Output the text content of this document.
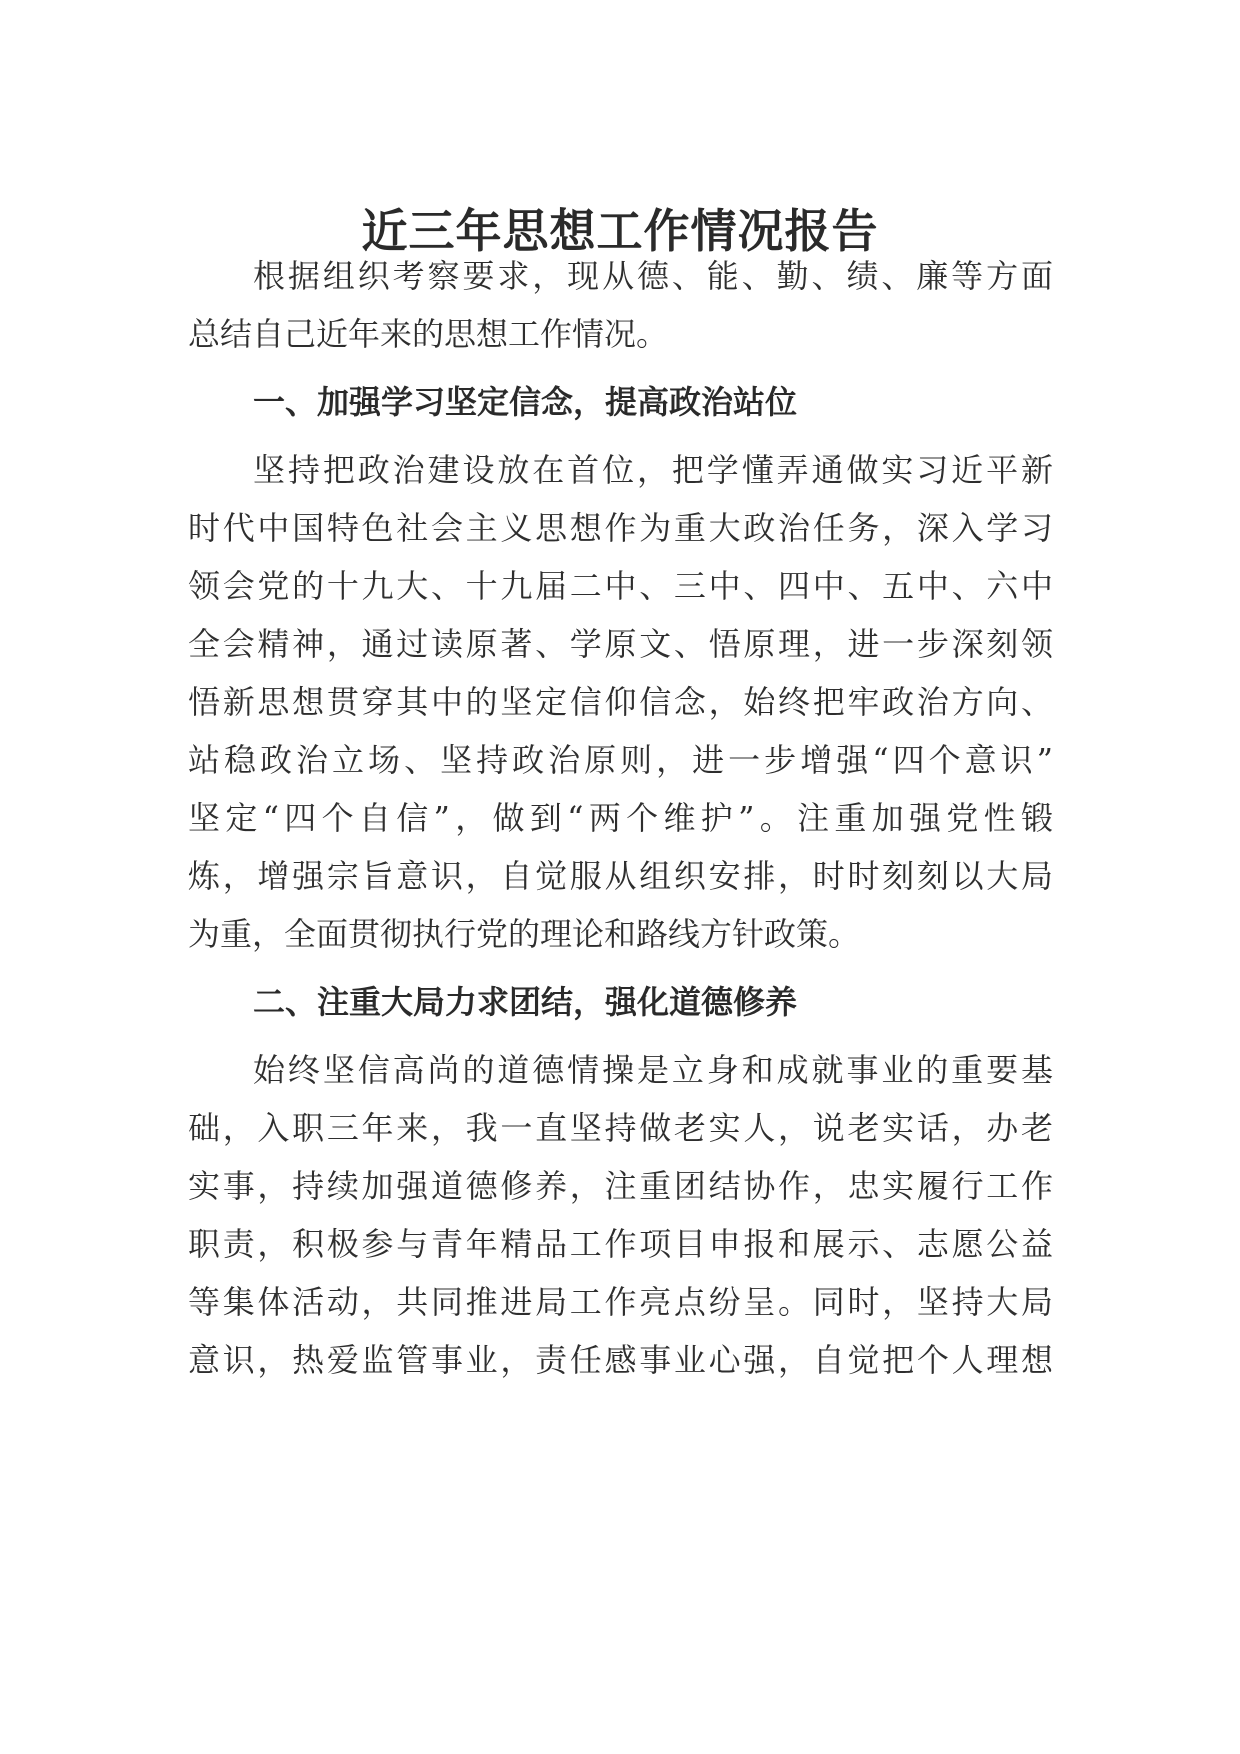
近三年思想工作情况报告
根据组织考察要求，现从德、能、勤、绩、廉等方面
总结自己近年来的思想工作情况。
一、加强学习坚定信念，提高政治站位
坚持把政治建设放在首位，把学懂弄通做实习近平新
时代中国特色社会主义思想作为重大政治任务，深入学习
领会党的十九大、十九届二中、三中、四中、五中、六中
全会精神，通过读原著、学原文、悟原理，进一步深刻领
悟新思想贯穿其中的坚定信仰信念，始终把牢政治方向、
站稳政治立场、坚持政治原则，进一步增强“四个意识”
坚定“四个自信”，做到“两个维护”。注重加强党性锻
炼，增强宗旨意识，自觉服从组织安排，时时刻刻以大局
为重，全面贯彻执行党的理论和路线方针政策。
二、注重大局力求团结，强化道德修养
始终坚信高尚的道德情操是立身和成就事业的重要基
础，入职三年来，我一直坚持做老实人，说老实话，办老
实事，持续加强道德修养，注重团结协作，忠实履行工作
职责，积极参与青年精品工作项目申报和展示、志愿公益
等集体活动，共同推进局工作亮点纷呈。同时，坚持大局
意识，热爱监管事业，责任感事业心强，自觉把个人理想
